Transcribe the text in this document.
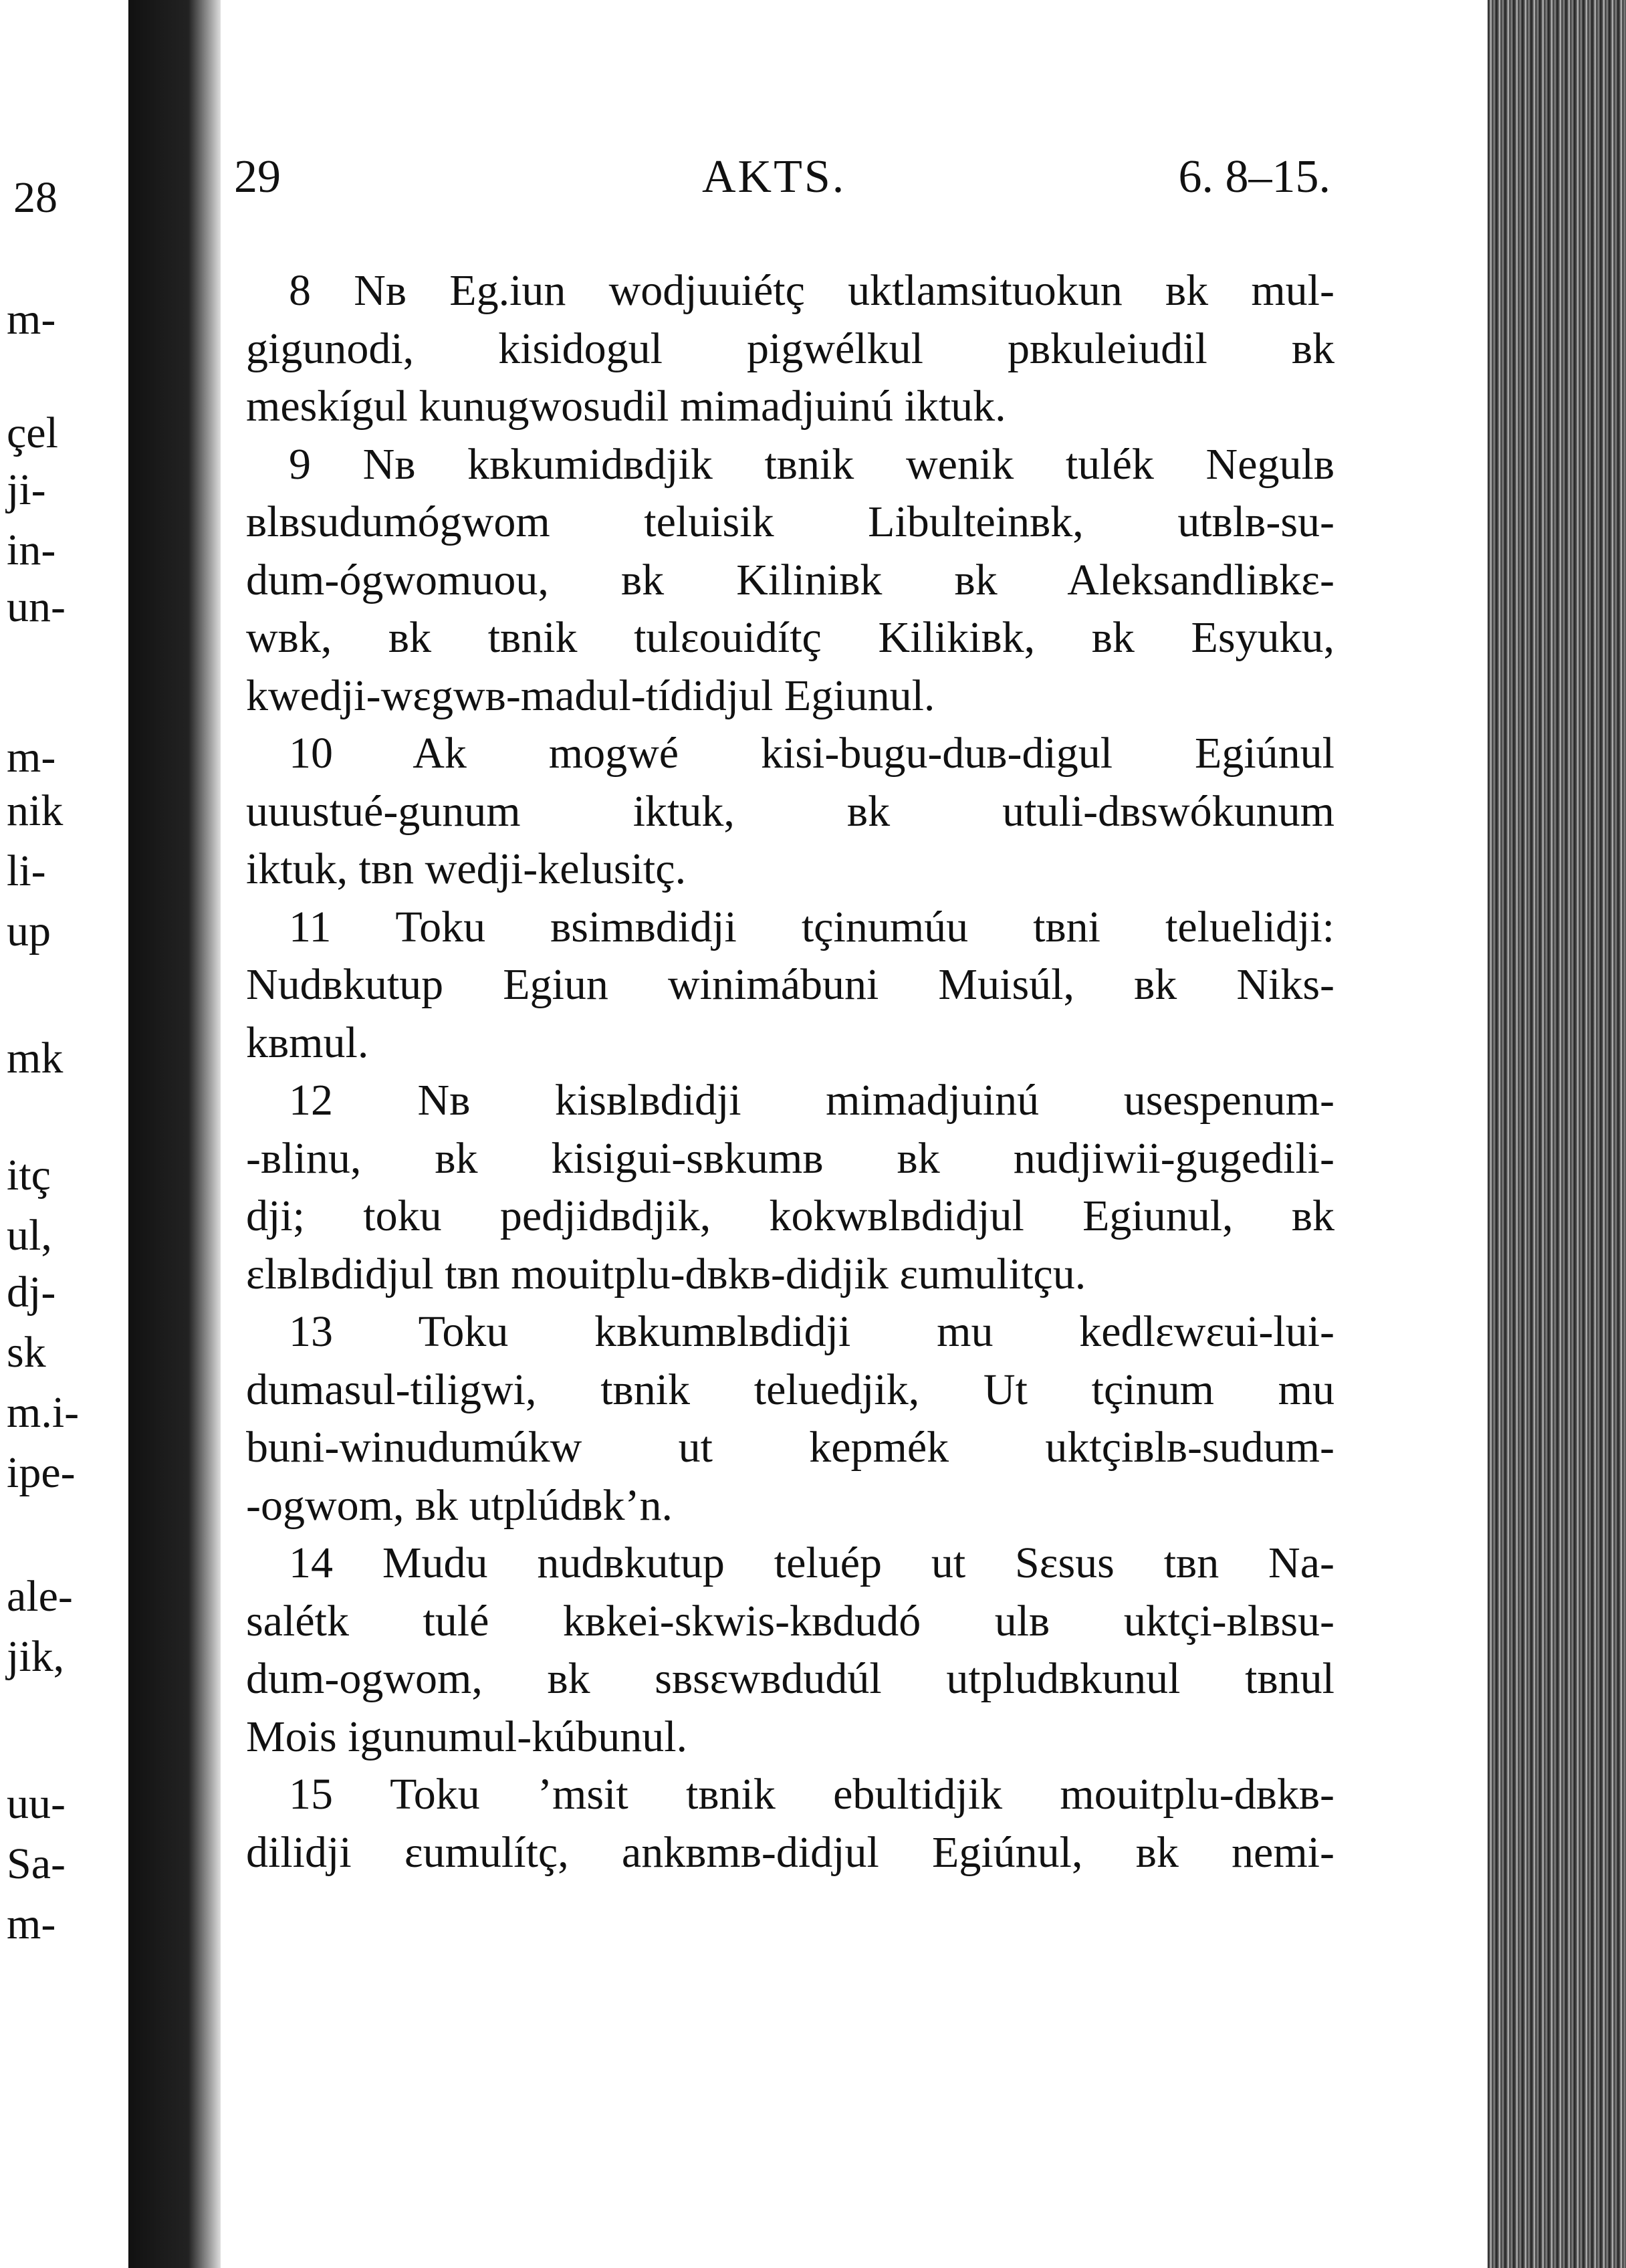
28
m-
çel
ji-
in-
un-
m-
nik
li-
up
mk
itç
ul,
dj-
sk
m.i-
ipe-
ale-
jik,
uu-
Sa-
m-
29	AKTS.	6. 8–15.
8 Nʙ Eg.iun wodjuuiétç uktlamsituokun ʙk mul-
gigunodi, kisidogul pigwélkul pʙkuleiudil ʙk
meskígul kunugwosudil mimadjuinú iktuk.
9 Nʙ kʙkumidʙdjik tʙnik wenik tulék Negulʙ
ʙlʙsudumógwom teluisik Libulteinʙk, utʙlʙ-su-
dum-ógwomuou, ʙk Kiliniʙk ʙk Aleksandliʙkɛ-
wʙk, ʙk tʙnik tulɛouidítç Kilikiʙk, ʙk Esyuku,
kwedji-wɛgwʙ-madul-tídidjul Egiunul.
10 Ak mogwé kisi-bugu-duʙ-digul Egiúnul
uuustué-gunum iktuk, ʙk utuli-dʙswókunum
iktuk, tʙn wedji-kelusitç.
11 Toku ʙsimʙdidji tçinumúu tʙni teluelidji:
Nudʙkutup Egiun winimábuni Muisúl, ʙk Niks-
kʙmul.
12 Nʙ kisʙlʙdidji mimadjuinú usespenum-
-ʙlinu, ʙk kisigui-sʙkumʙ ʙk nudjiwii-gugedili-
dji; toku pedjidʙdjik, kokwʙlʙdidjul Egiunul, ʙk
ɛlʙlʙdidjul tʙn mouitplu-dʙkʙ-didjik ɛumulitçu.
13 Toku kʙkumʙlʙdidji mu kedlɛwɛui-lui-
dumasul-tiligwi, tʙnik teluedjik, Ut tçinum mu
buni-winudumúkw ut kepmék uktçiʙlʙ-sudum-
-ogwom, ʙk utplúdʙk’n.
14 Mudu nudʙkutup teluép ut Sɛsus tʙn Na-
salétk tulé kʙkei-skwis-kʙdudó ulʙ uktçi-ʙlʙsu-
dum-ogwom, ʙk sʙsɛwʙdudúl utpludʙkunul tʙnul
Mois igunumul-kúbunul.
15 Toku ’msit tʙnik ebultidjik mouitplu-dʙkʙ-
dilidji ɛumulítç, ankʙmʙ-didjul Egiúnul, ʙk nemi-
